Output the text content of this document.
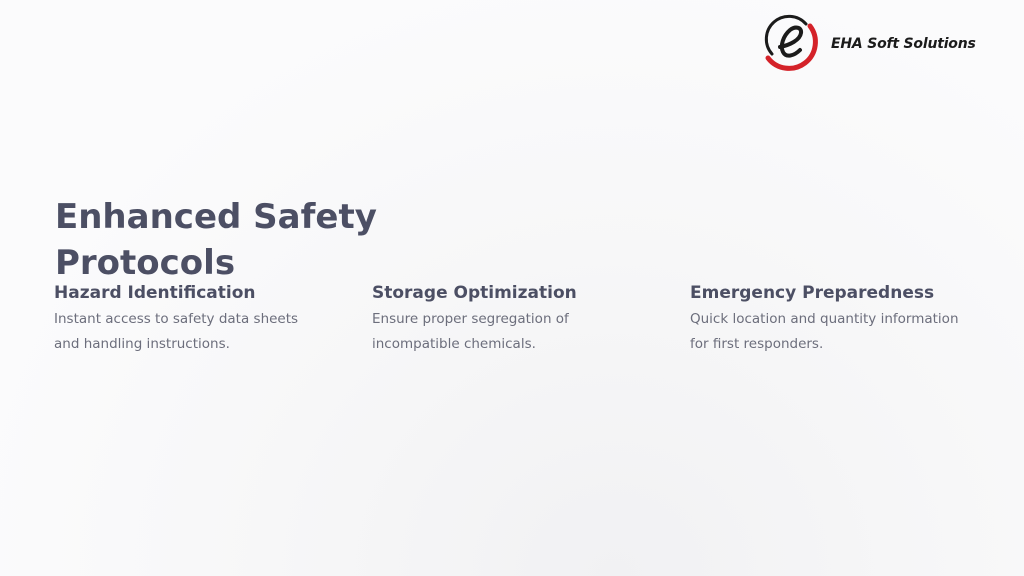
EHA Soft Solutions
Enhanced Safety Protocols
Hazard Identification

Instant access to safety data sheets and handling instructions.

Storage Optimization

Ensure proper segregation of incompatible chemicals.

Emergency Preparedness

Quick location and quantity information for first responders.
